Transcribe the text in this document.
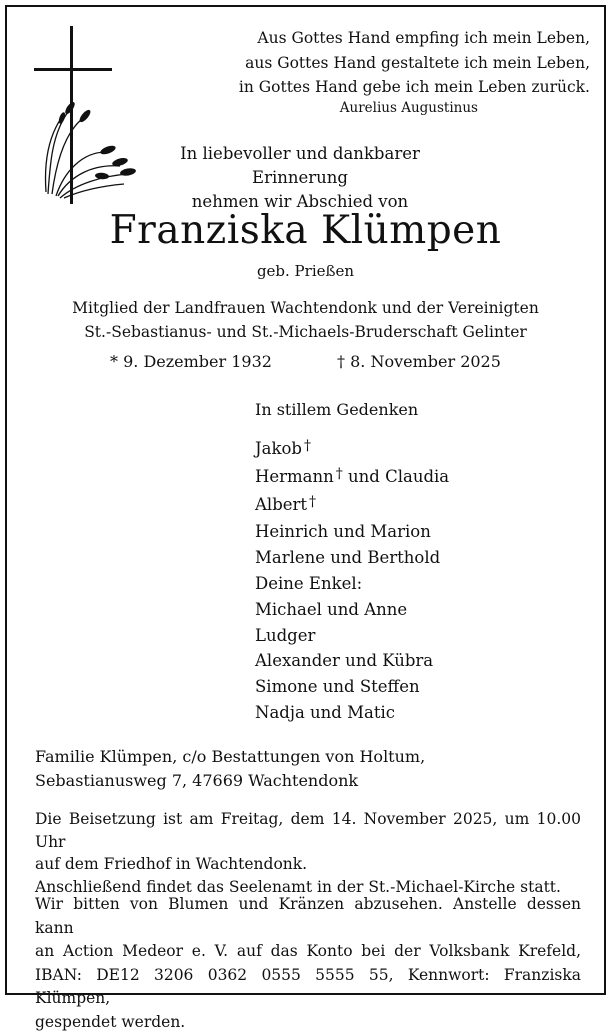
Aus Gottes Hand empfing ich mein Leben,
aus Gottes Hand gestaltete ich mein Leben,
in Gottes Hand gebe ich mein Leben zurück.
Aurelius Augustinus
In liebevoller und dankbarer Erinnerung
nehmen wir Abschied von
Franziska Klümpen
geb. Prießen
Mitglied der Landfrauen Wachtendonk und der Vereinigten
St.-Sebastianus- und St.-Michaels-Bruderschaft Gelinter
* 9. Dezember 1932	† 8. November 2025
In stillem Gedenken
Jakob †
Hermann † und Claudia
Albert †
Heinrich und Marion
Marlene und Berthold
Deine Enkel:
Michael und Anne
Ludger
Alexander und Kübra
Simone und Steffen
Nadja und Matic
Familie Klümpen, c/o Bestattungen von Holtum,
Sebastianusweg 7, 47669 Wachtendonk
Die Beisetzung ist am Freitag, dem 14. November 2025, um 10.00 Uhr
auf dem Friedhof in Wachtendonk.
Anschließend findet das Seelenamt in der St.-Michael-Kirche statt.
Wir bitten von Blumen und Kränzen abzusehen. Anstelle dessen kann
an Action Medeor e. V. auf das Konto bei der Volksbank Krefeld,
IBAN: DE12 3206 0362 0555 5555 55, Kennwort: Franziska Klümpen,
gespendet werden.
